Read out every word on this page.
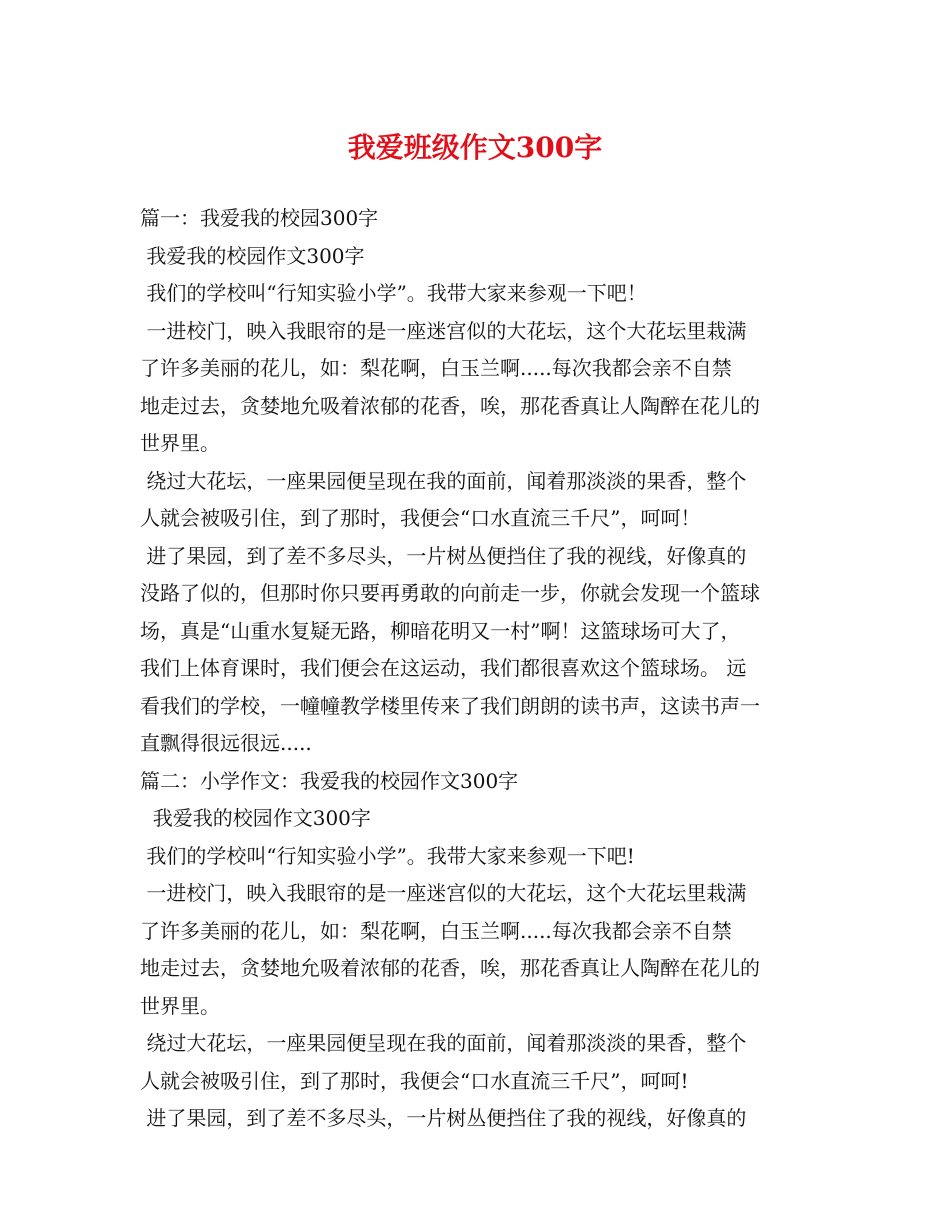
我爱班级作文300字
篇一：我爱我的校园300字
我爱我的校园作文300字
我们的学校叫“行知实验小学”。我带大家来参观一下吧！
一进校门，映入我眼帘的是一座迷宫似的大花坛，这个大花坛里栽满
了许多美丽的花儿，如：梨花啊，白玉兰啊.....每次我都会亲不自禁
地走过去，贪婪地允吸着浓郁的花香，唉，那花香真让人陶醉在花儿的
世界里。
绕过大花坛，一座果园便呈现在我的面前，闻着那淡淡的果香，整个
人就会被吸引住，到了那时，我便会“口水直流三千尺”，呵呵！
进了果园，到了差不多尽头，一片树丛便挡住了我的视线，好像真的
没路了似的，但那时你只要再勇敢的向前走一步，你就会发现一个篮球
场，真是“山重水复疑无路，柳暗花明又一村”啊！这篮球场可大了，
我们上体育课时，我们便会在这运动，我们都很喜欢这个篮球场。 远
看我们的学校，一幢幢教学楼里传来了我们朗朗的读书声，这读书声一
直飘得很远很远.....
篇二：小学作文：我爱我的校园作文300字
我爱我的校园作文300字
我们的学校叫“行知实验小学”。我带大家来参观一下吧!
一进校门，映入我眼帘的是一座迷宫似的大花坛，这个大花坛里栽满
了许多美丽的花儿，如：梨花啊，白玉兰啊.....每次我都会亲不自禁
地走过去，贪婪地允吸着浓郁的花香，唉，那花香真让人陶醉在花儿的
世界里。
绕过大花坛，一座果园便呈现在我的面前，闻着那淡淡的果香，整个
人就会被吸引住，到了那时，我便会“口水直流三千尺”，呵呵!
进了果园，到了差不多尽头，一片树丛便挡住了我的视线，好像真的
